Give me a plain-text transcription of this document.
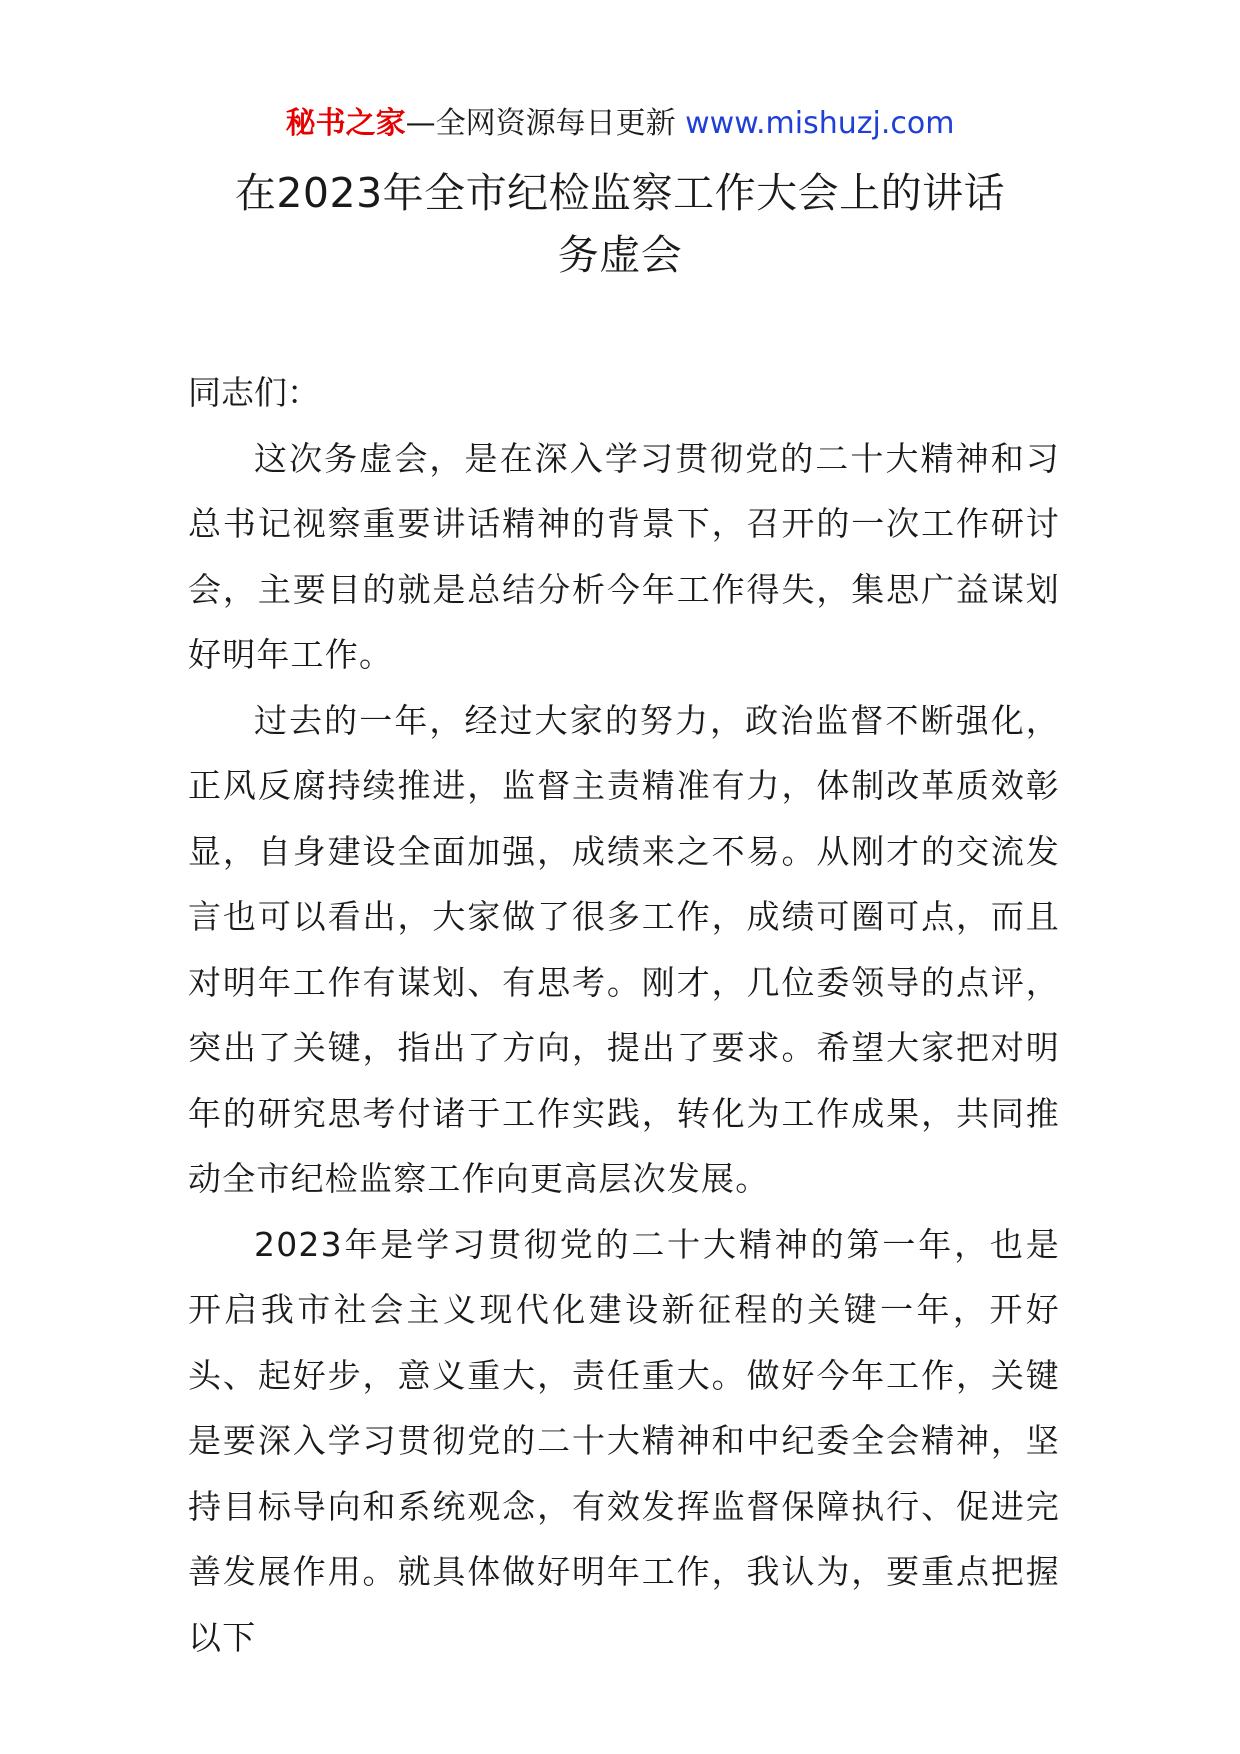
秘书之家—全网资源每日更新 www.mishuzj.com
在2023年全市纪检监察工作大会上的讲话
务虚会
同志们：

这次务虚会，是在深入学习贯彻党的二十大精神和习总书记视察重要讲话精神的背景下，召开的一次工作研讨会，主要目的就是总结分析今年工作得失，集思广益谋划好明年工作。

过去的一年，经过大家的努力，政治监督不断强化，正风反腐持续推进，监督主责精准有力，体制改革质效彰显，自身建设全面加强，成绩来之不易。从刚才的交流发言也可以看出，大家做了很多工作，成绩可圈可点，而且对明年工作有谋划、有思考。刚才，几位委领导的点评，突出了关键，指出了方向，提出了要求。希望大家把对明年的研究思考付诸于工作实践，转化为工作成果，共同推动全市纪检监察工作向更高层次发展。

2023年是学习贯彻党的二十大精神的第一年，也是开启我市社会主义现代化建设新征程的关键一年，开好头、起好步，意义重大，责任重大。做好今年工作，关键是要深入学习贯彻党的二十大精神和中纪委全会精神，坚持目标导向和系统观念，有效发挥监督保障执行、促进完善发展作用。就具体做好明年工作，我认为，要重点把握以下
